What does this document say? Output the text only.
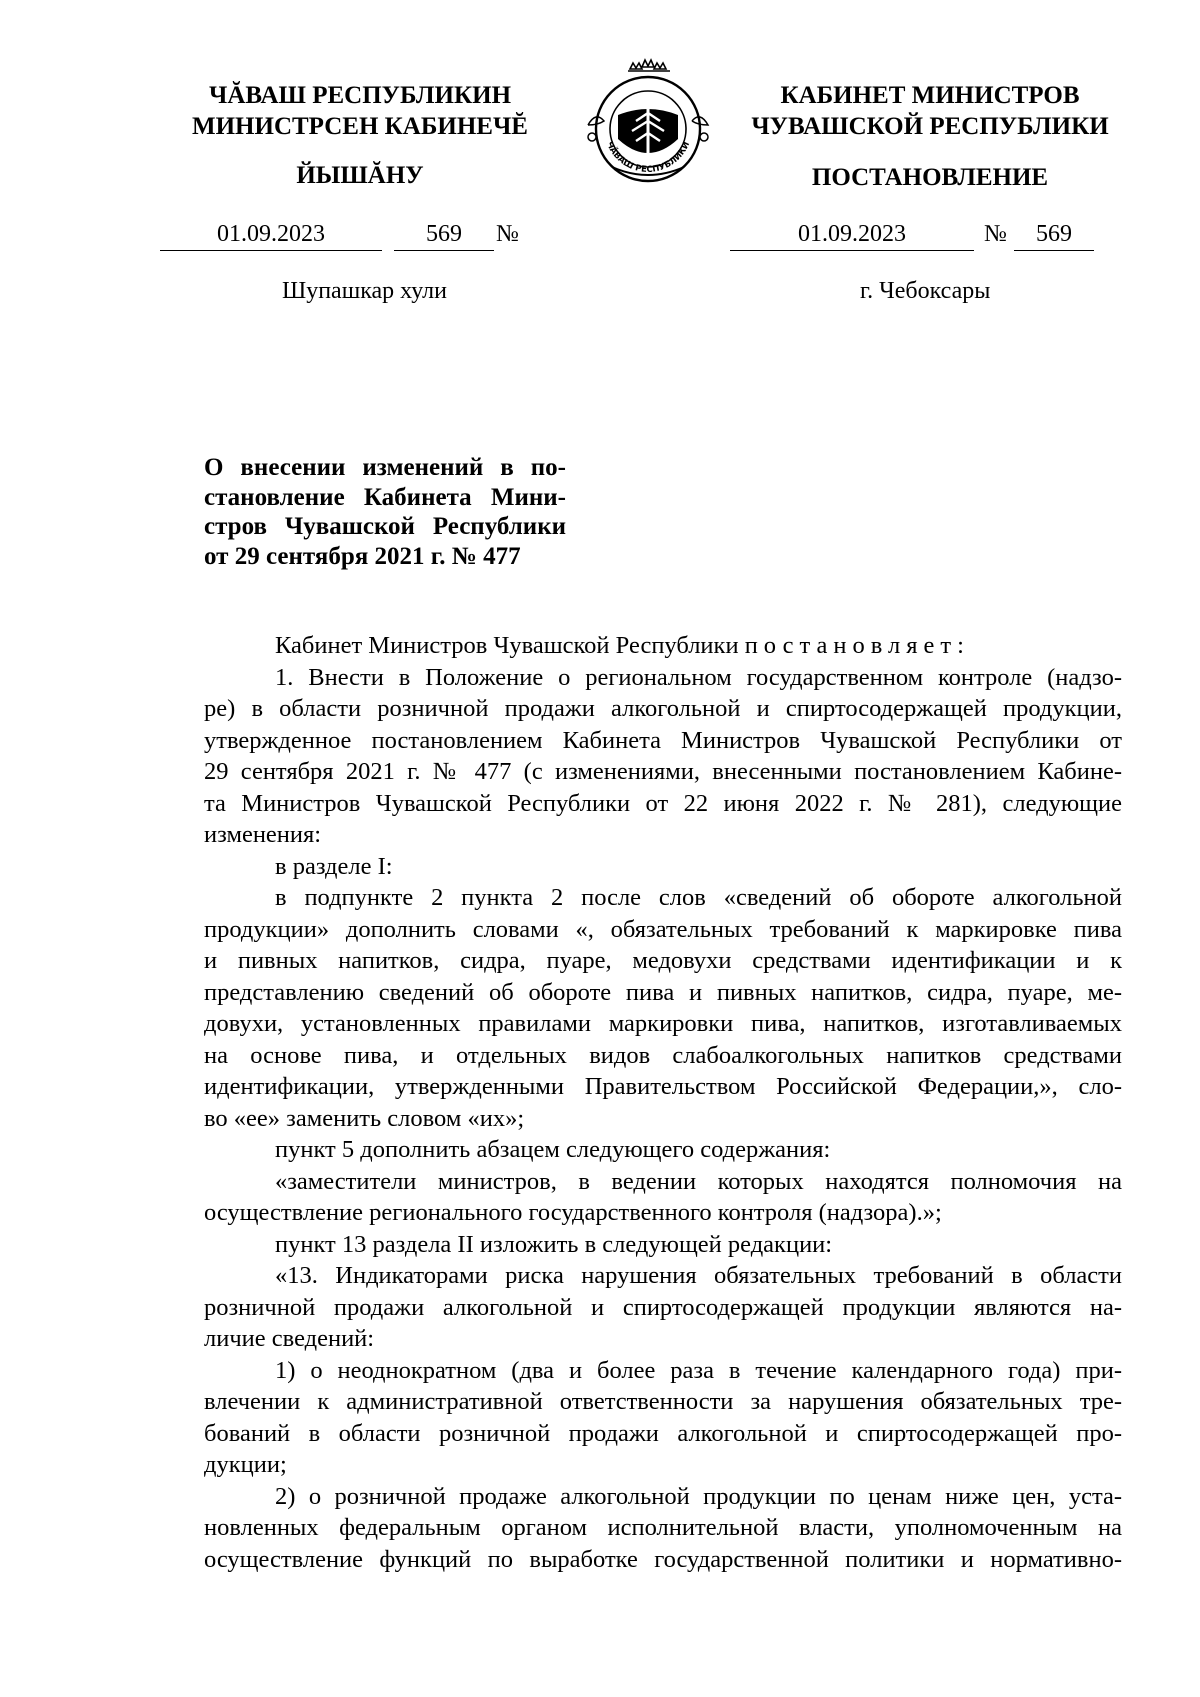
ЧĂВАШ РЕСПУБЛИКИН
МИНИСТРСЕН КАБИНЕЧĔ
ЙЫШĂНУ
КАБИНЕТ МИНИСТРОВ
ЧУВАШСКОЙ РЕСПУБЛИКИ
ПОСТАНОВЛЕНИЕ
ЧĂВАШ РЕСПУБЛИКИ
01.09.2023	569	№	01.09.2023	№	569
Шупашкар хули	г. Чебоксары
О внесении изменений в по-
становление Кабинета Мини-
стров Чувашской Республики
от 29 сентября 2021 г. № 477
Кабинет Министров Чувашской Республики постановляет:
1. Внести в Положение о региональном государственном контроле (надзо-
ре) в области розничной продажи алкогольной и спиртосодержащей продукции,
утвержденное постановлением Кабинета Министров Чувашской Республики от
29 сентября 2021 г. № 477 (с изменениями, внесенными постановлением Кабине-
та Министров Чувашской Республики от 22 июня 2022 г. № 281), следующие
изменения:
в разделе I:
в подпункте 2 пункта 2 после слов «сведений об обороте алкогольной
продукции» дополнить словами «, обязательных требований к маркировке пива
и пивных напитков, сидра, пуаре, медовухи средствами идентификации и к
представлению сведений об обороте пива и пивных напитков, сидра, пуаре, ме-
довухи, установленных правилами маркировки пива, напитков, изготавливаемых
на основе пива, и отдельных видов слабоалкогольных напитков средствами
идентификации, утвержденными Правительством Российской Федерации,», сло-
во «ее» заменить словом «их»;
пункт 5 дополнить абзацем следующего содержания:
«заместители министров, в ведении которых находятся полномочия на
осуществление регионального государственного контроля (надзора).»;
пункт 13 раздела II изложить в следующей редакции:
«13. Индикаторами риска нарушения обязательных требований в области
розничной продажи алкогольной и спиртосодержащей продукции являются на-
личие сведений:
1) о неоднократном (два и более раза в течение календарного года) при-
влечении к административной ответственности за нарушения обязательных тре-
бований в области розничной продажи алкогольной и спиртосодержащей про-
дукции;
2) о розничной продаже алкогольной продукции по ценам ниже цен, уста-
новленных федеральным органом исполнительной власти, уполномоченным на
осуществление функций по выработке государственной политики и нормативно-
